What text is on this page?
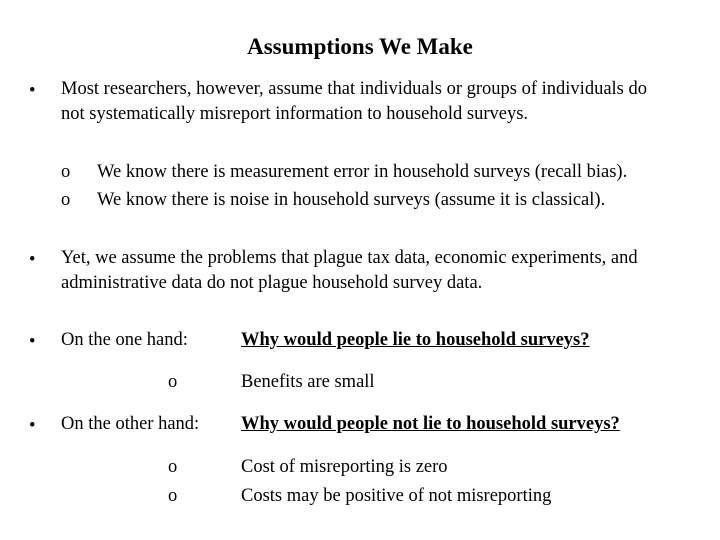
Assumptions We Make
• Most researchers, however, assume that individuals or groups of individuals do
not systematically misreport information to household surveys.
o We know there is measurement error in household surveys (recall bias).
o We know there is noise in household surveys (assume it is classical).
• Yet, we assume the problems that plague tax data, economic experiments, and
administrative data do not plague household survey data.
• On the one hand:	Why would people lie to household surveys?
o	Benefits are small
• On the other hand: Why would people not lie to household surveys?
o	Cost of misreporting is zero
o	Costs may be positive of not misreporting
